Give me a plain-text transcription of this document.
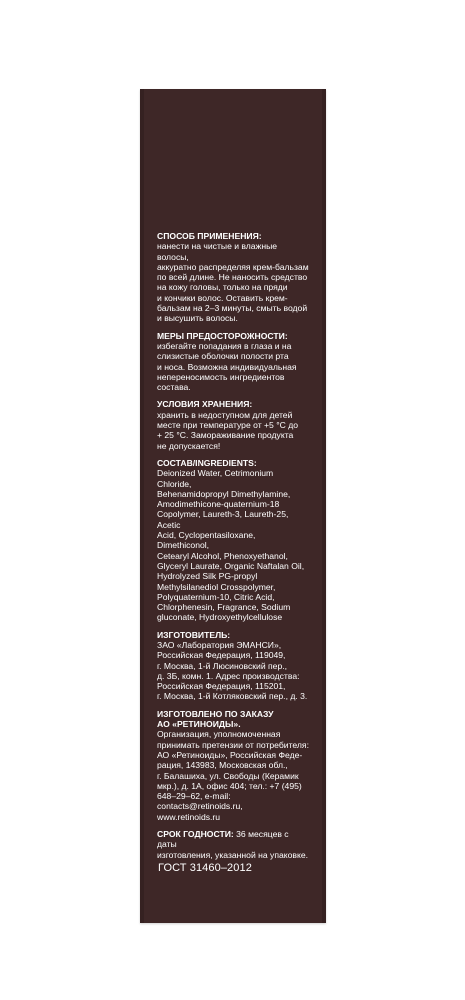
СПОСОБ ПРИМЕНЕНИЯ:
нанести на чистые и влажные волосы,
аккуратно распределяя крем-бальзам
по всей длине. Не наносить средство
на кожу головы, только на пряди
и кончики волос. Оставить крем-
бальзам на 2–3 минуты, смыть водой
и высушить волосы.
МEРЫ ПРЕДОСТОРОЖНОСТИ:
избегайте попадания в глаза и на
слизистые оболочки полости рта
и носа. Возможна индивидуальная
непереносимость ингредиентов
состава.
УСЛОВИЯ ХРАНЕНИЯ:
хранить в недоступном для детей
месте при температуре от +5 °C до
+ 25 °C. Замораживание продукта
не допускается!
СОСТАВ/INGREDIENTS:
Deionized Water, Cetrimonium Chloride,
Behenamidopropyl Dimethylamine,
Amodimethicone-quaternium-18
Copolymer, Laureth-3, Laureth-25, Acetic
Acid, Cyclopentasiloxane, Dimethiconol,
Cetearyl Alcohol, Phenoxyethanol,
Glyceryl Laurate, Organic Naftalan Oil,
Hydrolyzed Silk PG-propyl
Methylsilanediol Crosspolymer,
Polyquaternium-10, Citric Acid,
Chlorphenesin, Fragrance, Sodium
gluconate, Hydroxyethylcellulose
ИЗГОТОВИТЕЛЬ:
ЗАО «Лаборатория ЭМАНСИ»,
Российская Федерация, 119049,
г. Москва, 1-й Люсиновский пер.,
д. 3Б, комн. 1. Адрес производства:
Российская Федерация, 115201,
г. Москва, 1-й Котляковский пер., д. 3.
ИЗГОТОВЛЕНО ПО ЗАКАЗУ
АО «РЕТИНОИДЫ».
Организация, уполномоченная
принимать претензии от потребителя:
АО «Ретиноиды», Российская Феде-
рация, 143983, Московская обл.,
г. Балашиха, ул. Свободы (Керамик
мкр.), д. 1А, офис 404; тел.: +7 (495)
648–29–62, e-mail: contacts@retinoids.ru,
www.retinoids.ru
СРОК ГОДНОСТИ: 36 месяцев с даты
изготовления, указанной на упаковке.
ГОСТ 31460–2012
